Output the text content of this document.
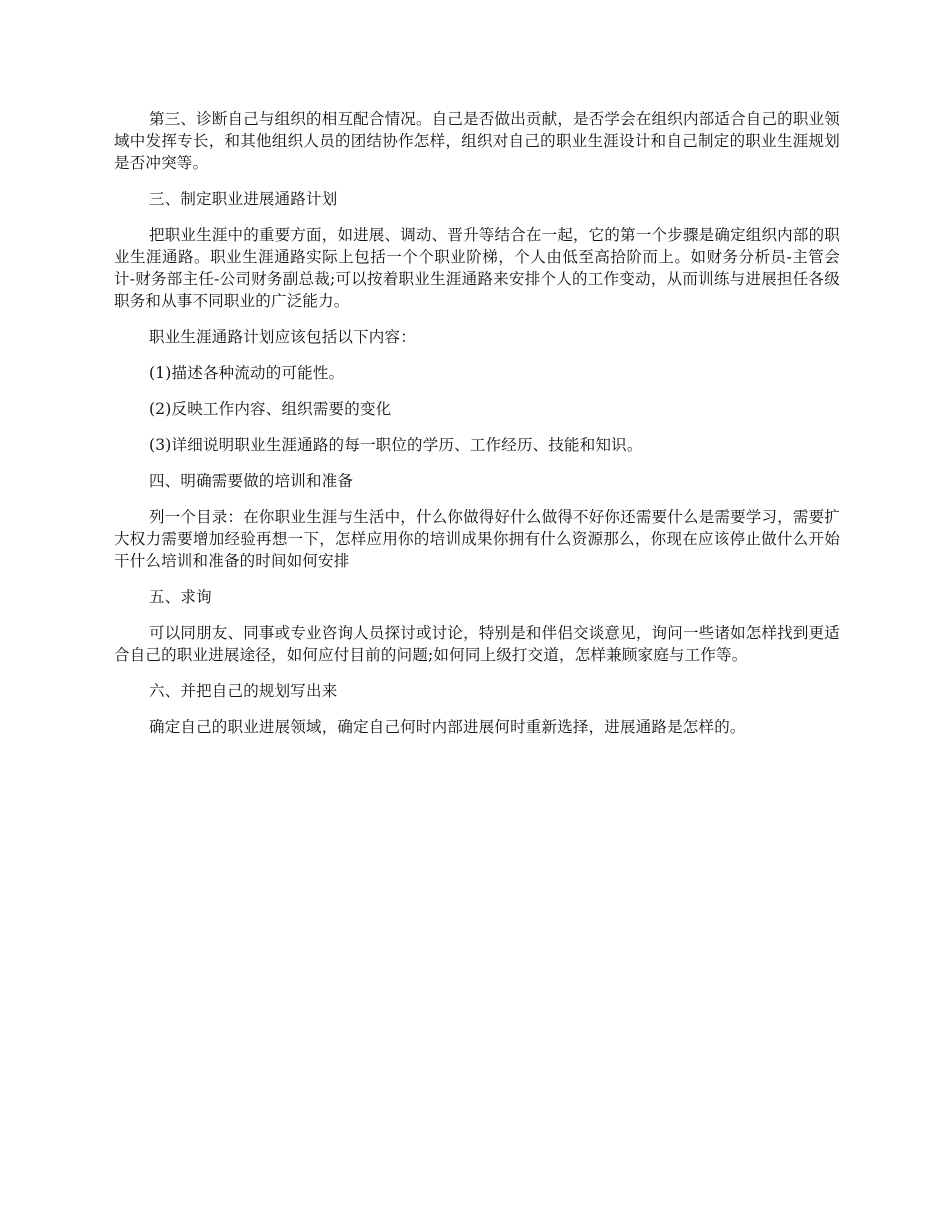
第三、诊断自己与组织的相互配合情况。自己是否做出贡献，是否学会在组织内部适合自己的职业领域中发挥专长，和其他组织人员的团结协作怎样，组织对自己的职业生涯设计和自己制定的职业生涯规划是否冲突等。

三、制定职业进展通路计划

把职业生涯中的重要方面，如进展、调动、晋升等结合在一起，它的第一个步骤是确定组织内部的职业生涯通路。职业生涯通路实际上包括一个个职业阶梯，个人由低至高拾阶而上。如财务分析员-主管会计-财务部主任-公司财务副总裁;可以按着职业生涯通路来安排个人的工作变动，从而训练与进展担任各级职务和从事不同职业的广泛能力。

职业生涯通路计划应该包括以下内容：

(1)描述各种流动的可能性。

(2)反映工作内容、组织需要的变化

(3)详细说明职业生涯通路的每一职位的学历、工作经历、技能和知识。

四、明确需要做的培训和准备

列一个目录：在你职业生涯与生活中，什么你做得好什么做得不好你还需要什么是需要学习，需要扩大权力需要增加经验再想一下，怎样应用你的培训成果你拥有什么资源那么，你现在应该停止做什么开始干什么培训和准备的时间如何安排

五、求询

可以同朋友、同事或专业咨询人员探讨或讨论，特别是和伴侣交谈意见，询问一些诸如怎样找到更适合自己的职业进展途径，如何应付目前的问题;如何同上级打交道，怎样兼顾家庭与工作等。

六、并把自己的规划写出来

确定自己的职业进展领域，确定自己何时内部进展何时重新选择，进展通路是怎样的。
